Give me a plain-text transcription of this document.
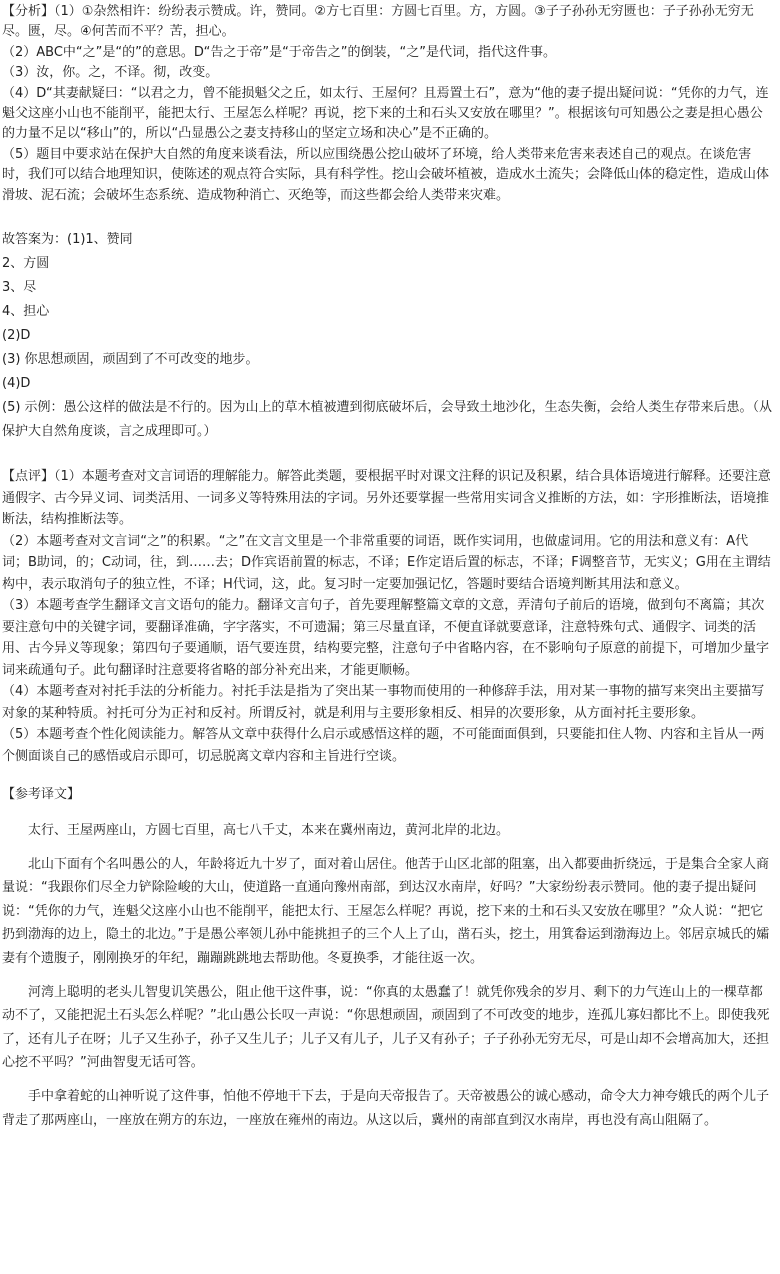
【分析】（1）①杂然相许：纷纷表示赞成。许，赞同。②方七百里：方圆七百里。方，方圆。③子子孙孙无穷匮也：子子孙孙无穷无尽。匮，尽。④何苦而不平？苦，担心。

（2）ABC中“之”是“的”的意思。D“告之于帝”是“于帝告之”的倒装，“之”是代词，指代这件事。

（3）汝，你。之，不译。彻，改变。

（4）D“其妻献疑曰：“以君之力，曾不能损魁父之丘，如太行、王屋何？且焉置土石”，意为“他的妻子提出疑问说：“凭你的力气，连魁父这座小山也不能削平，能把太行、王屋怎么样呢？再说，挖下来的土和石头又安放在哪里？”。根据该句可知愚公之妻是担心愚公的力量不足以“移山”的，所以“凸显愚公之妻支持移山的坚定立场和决心”是不正确的。

（5）题目中要求站在保护大自然的角度来谈看法，所以应围绕愚公挖山破坏了环境，给人类带来危害来表述自己的观点。在谈危害时，我们可以结合地理知识，使陈述的观点符合实际，具有科学性。挖山会破坏植被，造成水土流失；会降低山体的稳定性，造成山体滑坡、泥石流；会破坏生态系统、造成物种消亡、灭绝等，而这些都会给人类带来灾难。

故答案为：(1)1、赞同

2、方圆

3、尽

4、担心

(2)D

(3) 你思想顽固，顽固到了不可改变的地步。

(4)D

(5) 示例：愚公这样的做法是不行的。因为山上的草木植被遭到彻底破坏后，会导致土地沙化，生态失衡，会给人类生存带来后患。（从保护大自然角度谈，言之成理即可。）

【点评】（1）本题考查对文言词语的理解能力。解答此类题，要根据平时对课文注释的识记及积累，结合具体语境进行解释。还要注意通假字、古今异义词、词类活用、一词多义等特殊用法的字词。另外还要掌握一些常用实词含义推断的方法，如：字形推断法，语境推断法，结构推断法等。

（2）本题考查对文言词“之”的积累。“之”在文言文里是一个非常重要的词语，既作实词用，也做虚词用。它的用法和意义有：A代词；B助词，的；C动词，往，到……去；D作宾语前置的标志，不译；E作定语后置的标志，不译；F调整音节，无实义；G用在主谓结构中，表示取消句子的独立性，不译；H代词，这，此。复习时一定要加强记忆，答题时要结合语境判断其用法和意义。

（3）本题考查学生翻译文言文语句的能力。翻译文言句子，首先要理解整篇文章的文意，弄清句子前后的语境，做到句不离篇；其次要注意句中的关键字词，要翻译准确，字字落实，不可遗漏；第三尽量直译，不便直译就要意译，注意特殊句式、通假字、词类的活用、古今异义等现象；第四句子要通顺，语气要连贯，结构要完整，注意句子中省略内容，在不影响句子原意的前提下，可增加少量字词来疏通句子。此句翻译时注意要将省略的部分补充出来，才能更顺畅。

（4）本题考查对衬托手法的分析能力。衬托手法是指为了突出某一事物而使用的一种修辞手法，用对某一事物的描写来突出主要描写对象的某种特质。衬托可分为正衬和反衬。所谓反衬，就是利用与主要形象相反、相异的次要形象，从方面衬托主要形象。

（5）本题考查个性化阅读能力。解答从文章中获得什么启示或感悟这样的题，不可能面面俱到，只要能扣住人物、内容和主旨从一两个侧面谈自己的感悟或启示即可，切忌脱离文章内容和主旨进行空谈。

【参考译文】

太行、王屋两座山，方圆七百里，高七八千丈，本来在冀州南边，黄河北岸的北边。

北山下面有个名叫愚公的人，年龄将近九十岁了，面对着山居住。他苦于山区北部的阻塞，出入都要曲折绕远，于是集合全家人商量说：“我跟你们尽全力铲除险峻的大山，使道路一直通向豫州南部，到达汉水南岸，好吗？”大家纷纷表示赞同。他的妻子提出疑问说：“凭你的力气，连魁父这座小山也不能削平，能把太行、王屋怎么样呢？再说，挖下来的土和石头又安放在哪里？”众人说：“把它扔到渤海的边上，隐土的北边。”于是愚公率领儿孙中能挑担子的三个人上了山，凿石头，挖土，用箕畚运到渤海边上。邻居京城氏的孀妻有个遗腹子，刚刚换牙的年纪，蹦蹦跳跳地去帮助他。冬夏换季，才能往返一次。

河湾上聪明的老头儿智叟讥笑愚公，阻止他干这件事，说：“你真的太愚蠢了！就凭你残余的岁月、剩下的力气连山上的一棵草都动不了，又能把泥土石头怎么样呢？”北山愚公长叹一声说：“你思想顽固，顽固到了不可改变的地步，连孤儿寡妇都比不上。即使我死了，还有儿子在呀；儿子又生孙子，孙子又生儿子；儿子又有儿子，儿子又有孙子；子子孙孙无穷无尽，可是山却不会增高加大，还担心挖不平吗？”河曲智叟无话可答。

手中拿着蛇的山神听说了这件事，怕他不停地干下去，于是向天帝报告了。天帝被愚公的诚心感动，命令大力神夸娥氏的两个儿子背走了那两座山，一座放在朔方的东边，一座放在雍州的南边。从这以后，冀州的南部直到汉水南岸，再也没有高山阻隔了。
